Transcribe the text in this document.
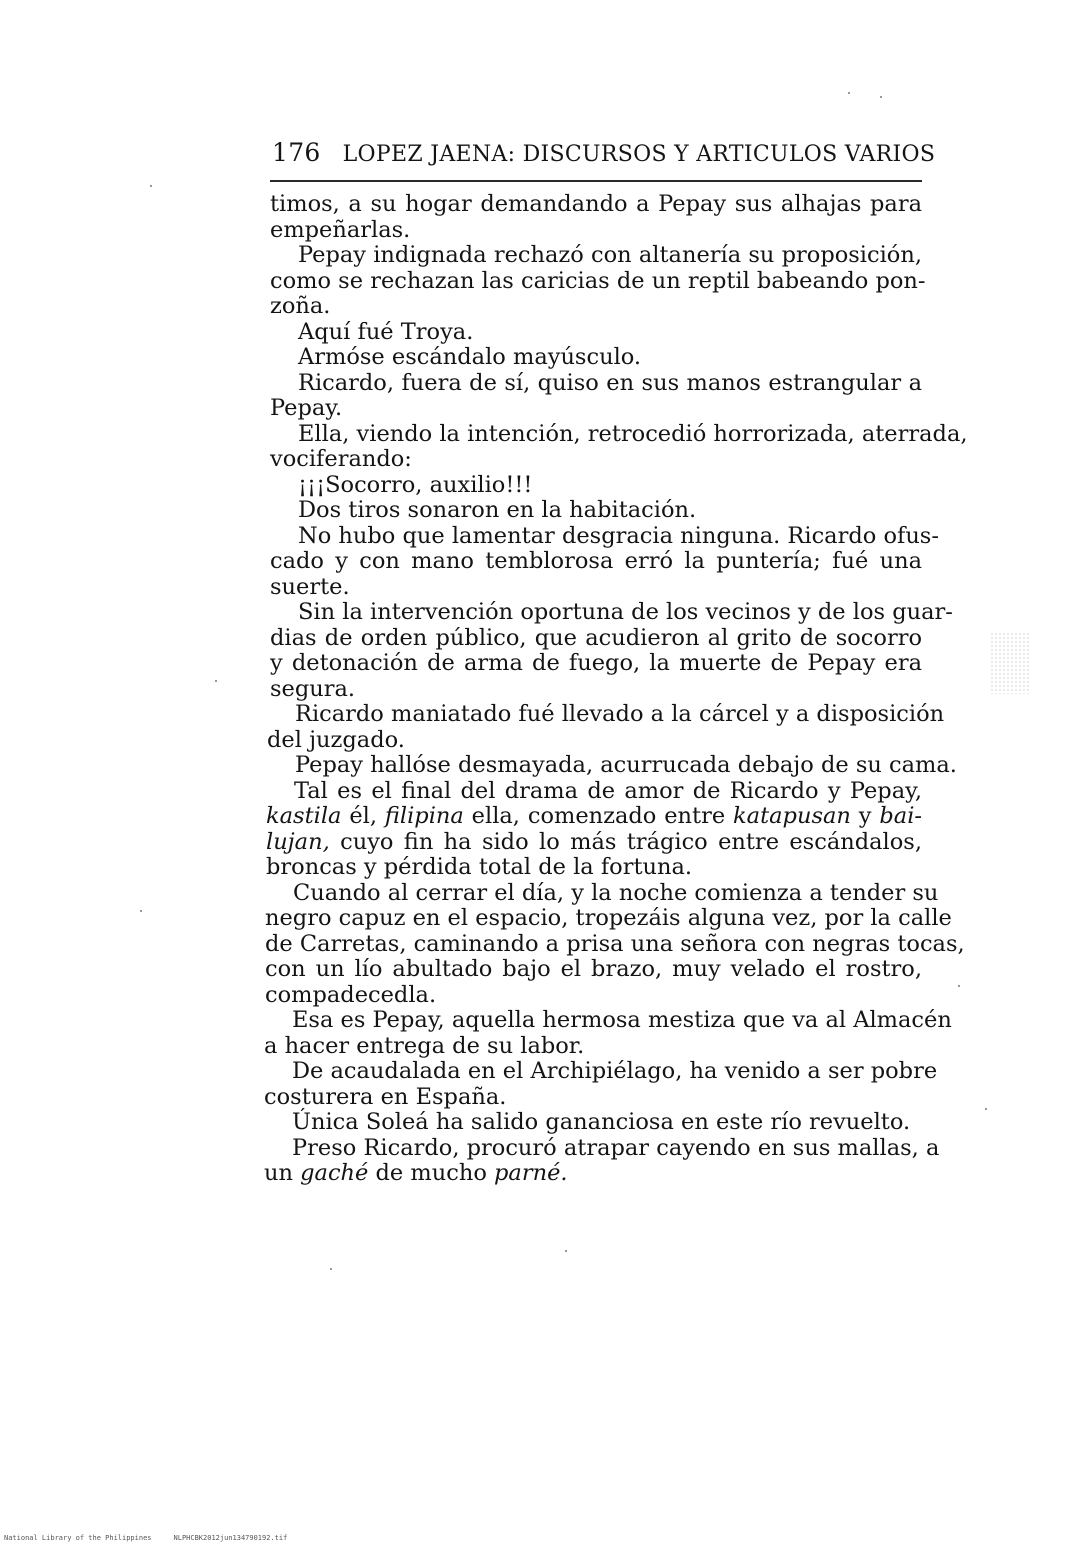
176 LOPEZ JAENA: DISCURSOS Y ARTICULOS VARIOS
timos, a su hogar demandando a Pepay sus alhajas para
empeñarlas.
Pepay indignada rechazó con altanería su proposición,
como se rechazan las caricias de un reptil babeando pon-
zoña.
Aquí fué Troya.
Armóse escándalo mayúsculo.
Ricardo, fuera de sí, quiso en sus manos estrangular a
Pepay.
Ella, viendo la intención, retrocedió horrorizada, aterrada,
vociferando:
¡¡¡Socorro, auxilio!!!
Dos tiros sonaron en la habitación.
No hubo que lamentar desgracia ninguna. Ricardo ofus-
cado y con mano temblorosa erró la puntería; fué una
suerte.
Sin la intervención oportuna de los vecinos y de los guar-
dias de orden público, que acudieron al grito de socorro
y detonación de arma de fuego, la muerte de Pepay era
segura.
Ricardo maniatado fué llevado a la cárcel y a disposición
del juzgado.
Pepay hallóse desmayada, acurrucada debajo de su cama.
Tal es el final del drama de amor de Ricardo y Pepay,
kastila él, filipina ella, comenzado entre katapusan y bai-
lujan, cuyo fin ha sido lo más trágico entre escándalos,
broncas y pérdida total de la fortuna.
Cuando al cerrar el día, y la noche comienza a tender su
negro capuz en el espacio, tropezáis alguna vez, por la calle
de Carretas, caminando a prisa una señora con negras tocas,
con un lío abultado bajo el brazo, muy velado el rostro,
compadecedla.
Esa es Pepay, aquella hermosa mestiza que va al Almacén
a hacer entrega de su labor.
De acaudalada en el Archipiélago, ha venido a ser pobre
costurera en España.
Única Soleá ha salido gananciosa en este río revuelto.
Preso Ricardo, procuró atrapar cayendo en sus mallas, a
un gaché de mucho parné.
National Library of the Philippines	NLPHCBK2012jun134790192.tif
